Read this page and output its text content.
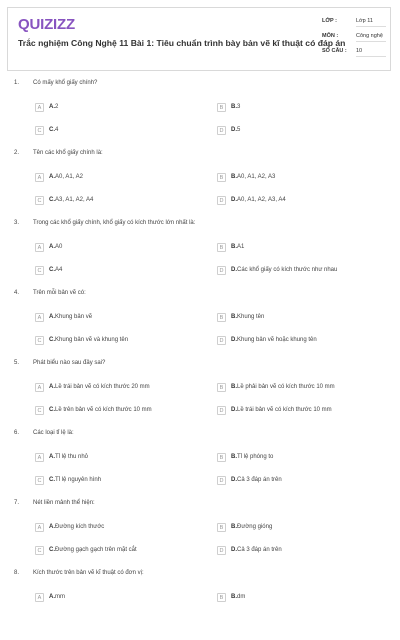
QUIZIZZ
Trắc nghiệm Công Nghệ 11 Bài 1: Tiêu chuẩn trình bày bản vẽ kĩ thuật có đáp án
LỚP :	Lớp 11
MÔN :	Công nghệ
SỐ CÂU : 10
1. Có mấy khổ giấy chính?
A	A. 2	B	B. 3
C	C. 4	D	D. 5
2. Tên các khổ giấy chính là:
A	A. A0, A1, A2	B	B. A0, A1, A2, A3
C	C. A3, A1, A2, A4	D	D. A0, A1, A2, A3, A4
3. Trong các khổ giấy chính, khổ giấy có kích thước lớn nhất là:
A	A. A0	B	B. A1
C	C. A4	D	D. Các khổ giấy có kích thước như nhau
4. Trên mỗi bản vẽ có:
A	A. Khung bản vẽ	B	B. Khung tên
C	C. Khung bản vẽ và khung tên	D	D. Khung bản vẽ hoặc khung tên
5. Phát biểu nào sau đây sai?
A	A. Lề trái bản vẽ có kích thước 20 mm	B	B. Lề phải bản vẽ có kích thước 10 mm
C	C. Lề trên bản vẽ có kích thước 10 mm	D	D. Lề trái bản vẽ có kích thước 10 mm
6. Các loại tỉ lệ là:
A	A. Tỉ lệ thu nhỏ	B	B. Tỉ lệ phóng to
C	C. Tỉ lệ nguyên hình	D	D. Cả 3 đáp án trên
7. Nét liền mảnh thể hiện:
A	A. Đường kích thước	B	B. Đường gióng
C	C. Đường gạch gạch trên mặt cắt	D	D. Cả 3 đáp án trên
8. Kích thước trên bản vẽ kĩ thuật có đơn vị:
A	A. mm	B	B. dm
